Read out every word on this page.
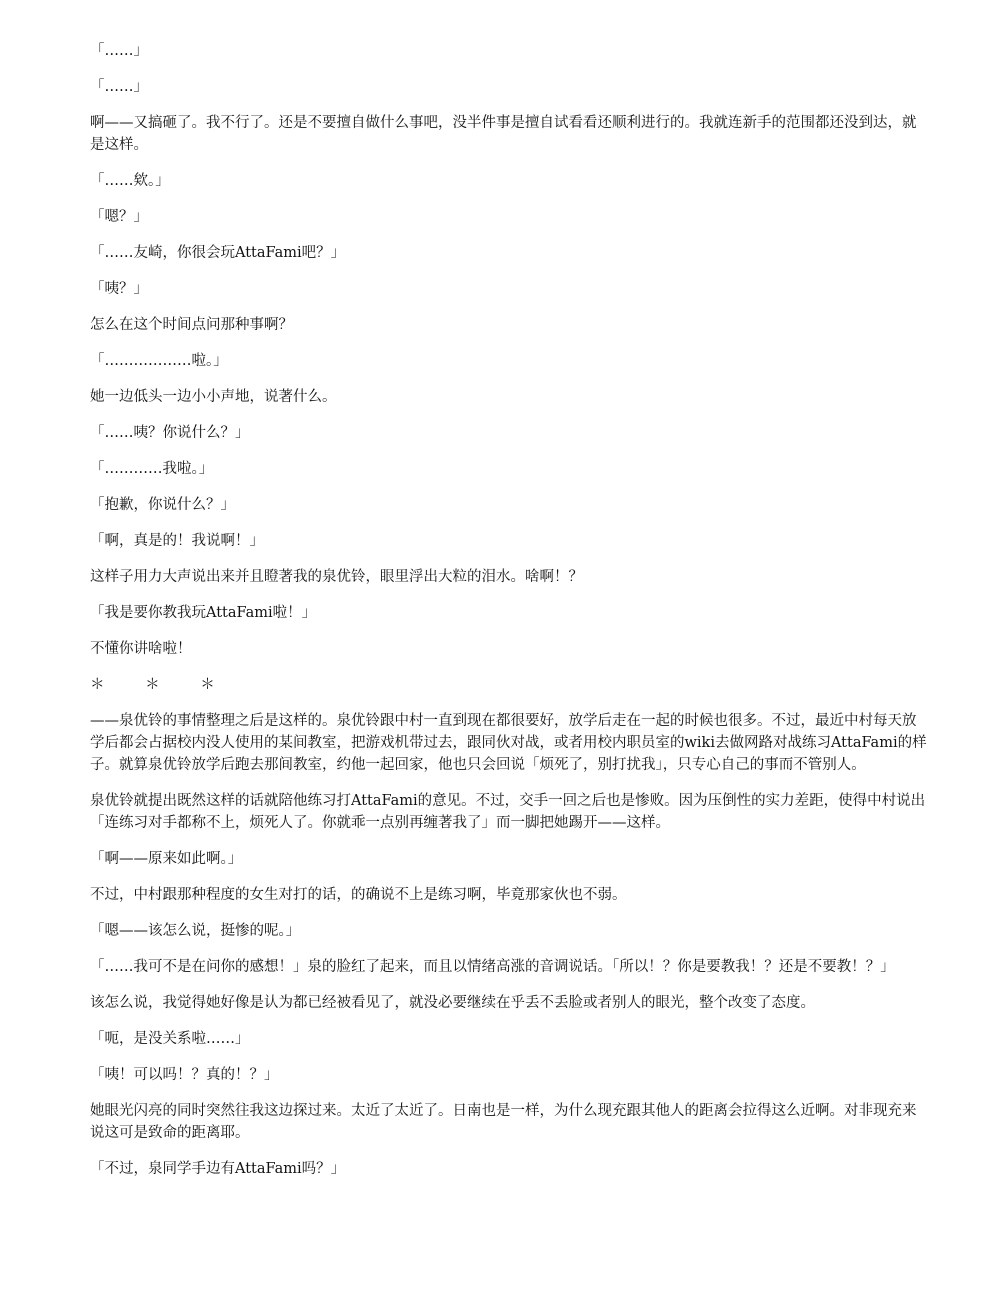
「……」

「……」

啊——又搞砸了。我不行了。还是不要擅自做什么事吧，没半件事是擅自试看看还顺利进行的。我就连新手的范围都还没到达，就是这样。

「……欸。」

「嗯？」

「……友崎，你很会玩AttaFami吧？」

「咦？」

怎么在这个时间点问那种事啊？

「………………啦。」

她一边低头一边小小声地，说著什么。

「……咦？你说什么？」

「…………我啦。」

「抱歉，你说什么？」

「啊，真是的！我说啊！」

这样子用力大声说出来并且瞪著我的泉优铃，眼里浮出大粒的泪水。啥啊！？

「我是要你教我玩AttaFami啦！」

不懂你讲啥啦！

＊ ＊ ＊

——泉优铃的事情整理之后是这样的。泉优铃跟中村一直到现在都很要好，放学后走在一起的时候也很多。不过，最近中村每天放学后都会占据校内没人使用的某间教室，把游戏机带过去，跟同伙对战，或者用校内职员室的wiki去做网路对战练习AttaFami的样子。就算泉优铃放学后跑去那间教室，约他一起回家，他也只会回说「烦死了，别打扰我」，只专心自己的事而不管别人。

泉优铃就提出既然这样的话就陪他练习打AttaFami的意见。不过，交手一回之后也是惨败。因为压倒性的实力差距，使得中村说出「连练习对手都称不上，烦死人了。你就乖一点别再缠著我了」而一脚把她踢开——这样。

「啊——原来如此啊。」

不过，中村跟那种程度的女生对打的话，的确说不上是练习啊，毕竟那家伙也不弱。

「嗯——该怎么说，挺惨的呢。」

「……我可不是在问你的感想！」泉的脸红了起来，而且以情绪高涨的音调说话。「所以！？你是要教我！？还是不要教！？」

该怎么说，我觉得她好像是认为都已经被看见了，就没必要继续在乎丢不丢脸或者别人的眼光，整个改变了态度。

「呃，是没关系啦……」

「咦！可以吗！？真的！？」

她眼光闪亮的同时突然往我这边探过来。太近了太近了。日南也是一样，为什么现充跟其他人的距离会拉得这么近啊。对非现充来说这可是致命的距离耶。

「不过，泉同学手边有AttaFami吗？」
